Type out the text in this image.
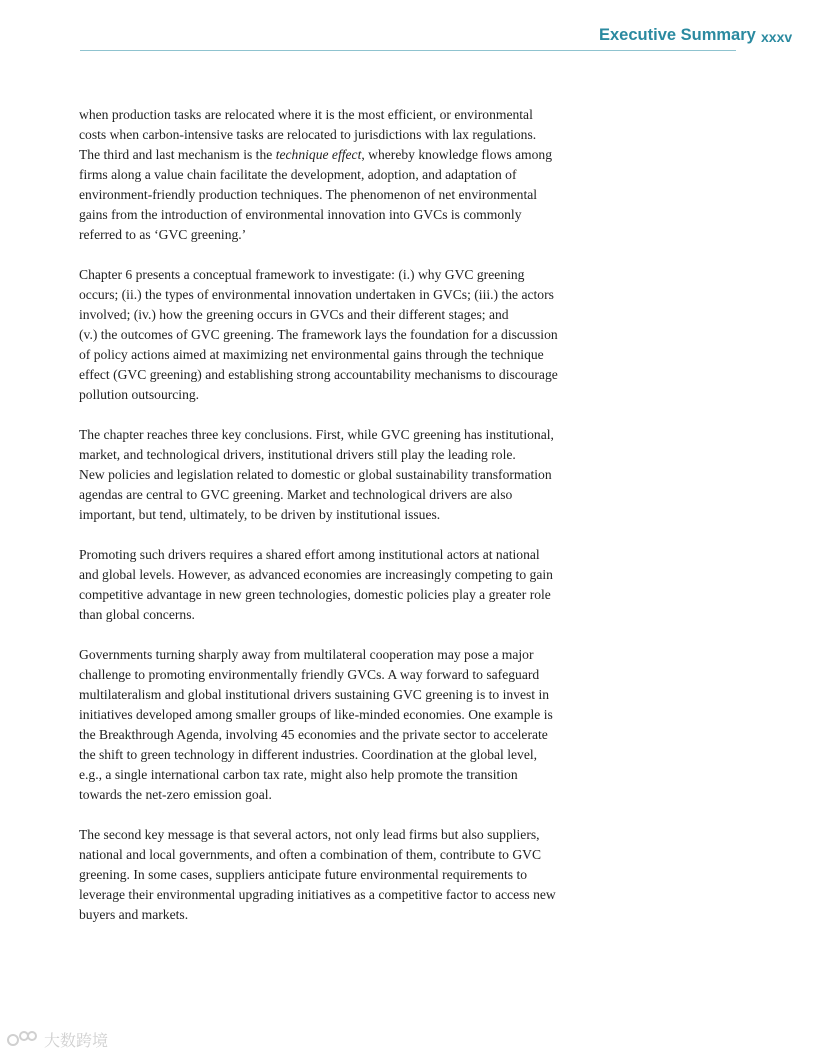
Executive Summary xxxv

when production tasks are relocated where it is the most efficient, or environmental
costs when carbon-intensive tasks are relocated to jurisdictions with lax regulations.
The third and last mechanism is the technique effect, whereby knowledge flows among
firms along a value chain facilitate the development, adoption, and adaptation of
environment-friendly production techniques. The phenomenon of net environmental
gains from the introduction of environmental innovation into GVCs is commonly
referred to as ‘GVC greening.’

Chapter 6 presents a conceptual framework to investigate: (i.) why GVC greening
occurs; (ii.) the types of environmental innovation undertaken in GVCs; (iii.) the actors
involved; (iv.) how the greening occurs in GVCs and their different stages; and
(v.) the outcomes of GVC greening. The framework lays the foundation for a discussion
of policy actions aimed at maximizing net environmental gains through the technique
effect (GVC greening) and establishing strong accountability mechanisms to discourage
pollution outsourcing.

The chapter reaches three key conclusions. First, while GVC greening has institutional,
market, and technological drivers, institutional drivers still play the leading role.
New policies and legislation related to domestic or global sustainability transformation
agendas are central to GVC greening. Market and technological drivers are also
important, but tend, ultimately, to be driven by institutional issues.

Promoting such drivers requires a shared effort among institutional actors at national
and global levels. However, as advanced economies are increasingly competing to gain
competitive advantage in new green technologies, domestic policies play a greater role
than global concerns.

Governments turning sharply away from multilateral cooperation may pose a major
challenge to promoting environmentally friendly GVCs. A way forward to safeguard
multilateralism and global institutional drivers sustaining GVC greening is to invest in
initiatives developed among smaller groups of like-minded economies. One example is
the Breakthrough Agenda, involving 45 economies and the private sector to accelerate
the shift to green technology in different industries. Coordination at the global level,
e.g., a single international carbon tax rate, might also help promote the transition
towards the net-zero emission goal.

The second key message is that several actors, not only lead firms but also suppliers,
national and local governments, and often a combination of them, contribute to GVC
greening. In some cases, suppliers anticipate future environmental requirements to
leverage their environmental upgrading initiatives as a competitive factor to access new
buyers and markets.

大数跨境
